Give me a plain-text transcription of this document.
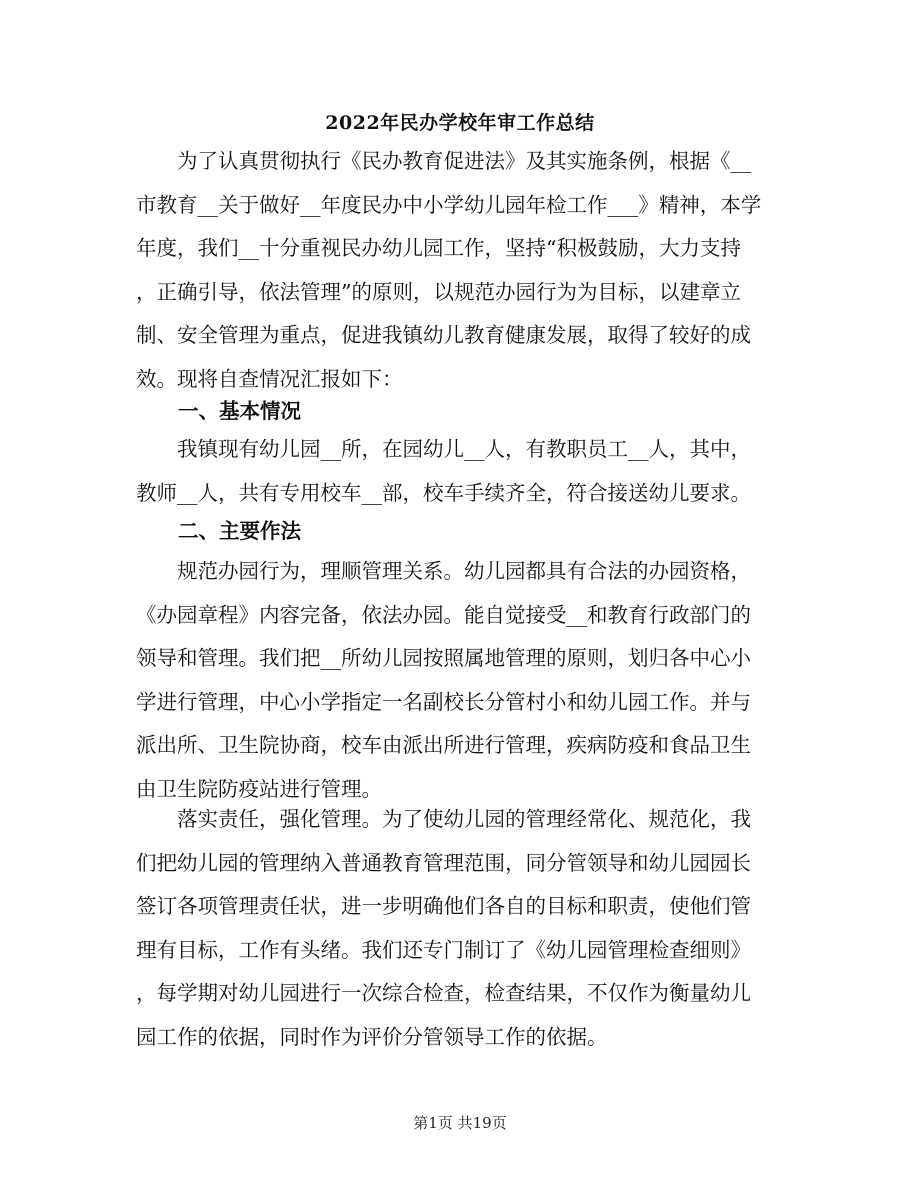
2022年民办学校年审工作总结
　　为了认真贯彻执行《民办教育促进法》及其实施条例，根据《__
市教育__关于做好__年度民办中小学幼儿园年检工作___》精神，本学
年度，我们__十分重视民办幼儿园工作，坚持“积极鼓励，大力支持
，正确引导，依法管理”的原则，以规范办园行为为目标，以建章立
制、安全管理为重点，促进我镇幼儿教育健康发展，取得了较好的成
效。现将自查情况汇报如下：
一、基本情况
　　我镇现有幼儿园__所，在园幼儿__人，有教职员工__人，其中，
教师__人，共有专用校车__部，校车手续齐全，符合接送幼儿要求。
二、主要作法
　　规范办园行为，理顺管理关系。幼儿园都具有合法的办园资格，
《办园章程》内容完备，依法办园。能自觉接受__和教育行政部门的
领导和管理。我们把__所幼儿园按照属地管理的原则，划归各中心小
学进行管理，中心小学指定一名副校长分管村小和幼儿园工作。并与
派出所、卫生院协商，校车由派出所进行管理，疾病防疫和食品卫生
由卫生院防疫站进行管理。
　　落实责任，强化管理。为了使幼儿园的管理经常化、规范化，我
们把幼儿园的管理纳入普通教育管理范围，同分管领导和幼儿园园长
签订各项管理责任状，进一步明确他们各自的目标和职责，使他们管
理有目标，工作有头绪。我们还专门制订了《幼儿园管理检查细则》
，每学期对幼儿园进行一次综合检查，检查结果，不仅作为衡量幼儿
园工作的依据，同时作为评价分管领导工作的依据。
第1页 共19页
